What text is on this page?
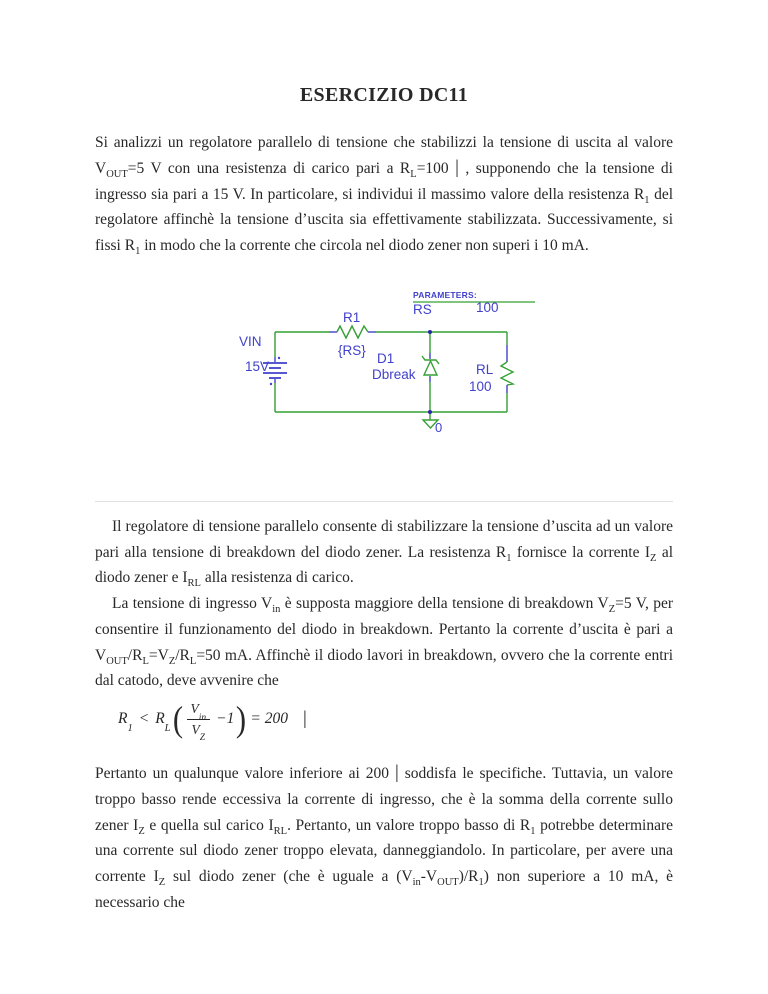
ESERCIZIO DC11

Si analizzi un regolatore parallelo di tensione che stabilizzi la tensione di uscita al valore $V_{OUT}=5$ V con una resistenza di carico pari a $R_L=100$ | , supponendo che la tensione di ingresso sia pari a 15 V. In particolare, si individui il massimo valore della resistenza $R_1$ del regolatore affinchè la tensione d’uscita sia effettivamente stabilizzata. Successivamente, si fissi $R_1$ in modo che la corrente che circola nel diodo zener non superi i 10 mA.

PARAMETERS:
RS	100
VIN
15V
R1
{RS}
D1
Dbreak	RL
100
0

Il regolatore di tensione parallelo consente di stabilizzare la tensione d’uscita ad un valore pari alla tensione di breakdown del diodo zener. La resistenza $R_1$ fornisce la corrente $I_Z$ al diodo zener e $I_{RL}$ alla resistenza di carico.

La tensione di ingresso $V_{in}$ è supposta maggiore della tensione di breakdown $V_Z=5$ V, per consentire il funzionamento del diodo in breakdown. Pertanto la corrente d’uscita è pari a $V_{OUT}/R_L=V_Z/R_L=50$ mA. Affinchè il diodo lavori in breakdown, ovvero che la corrente entri dal catodo, deve avvenire che

$R_1$
< $R_L$ ( $\frac{V_{in}}{V_Z} -1$ ) = 200 |

Pertanto un qualunque valore inferiore ai 200 | soddisfa le specifiche. Tuttavia, un valore troppo basso rende eccessiva la corrente di ingresso, che è la somma della corrente sullo zener $I_Z$ e quella sul carico $I_{RL}$. Pertanto, un valore troppo basso di $R_1$ potrebbe determinare una corrente sul diodo zener troppo elevata, danneggiandolo. In particolare, per avere una corrente $I_Z$ sul diodo zener (che è uguale a $(V_{in}-V_{OUT})/R_1$) non superiore a 10 mA, è necessario che
